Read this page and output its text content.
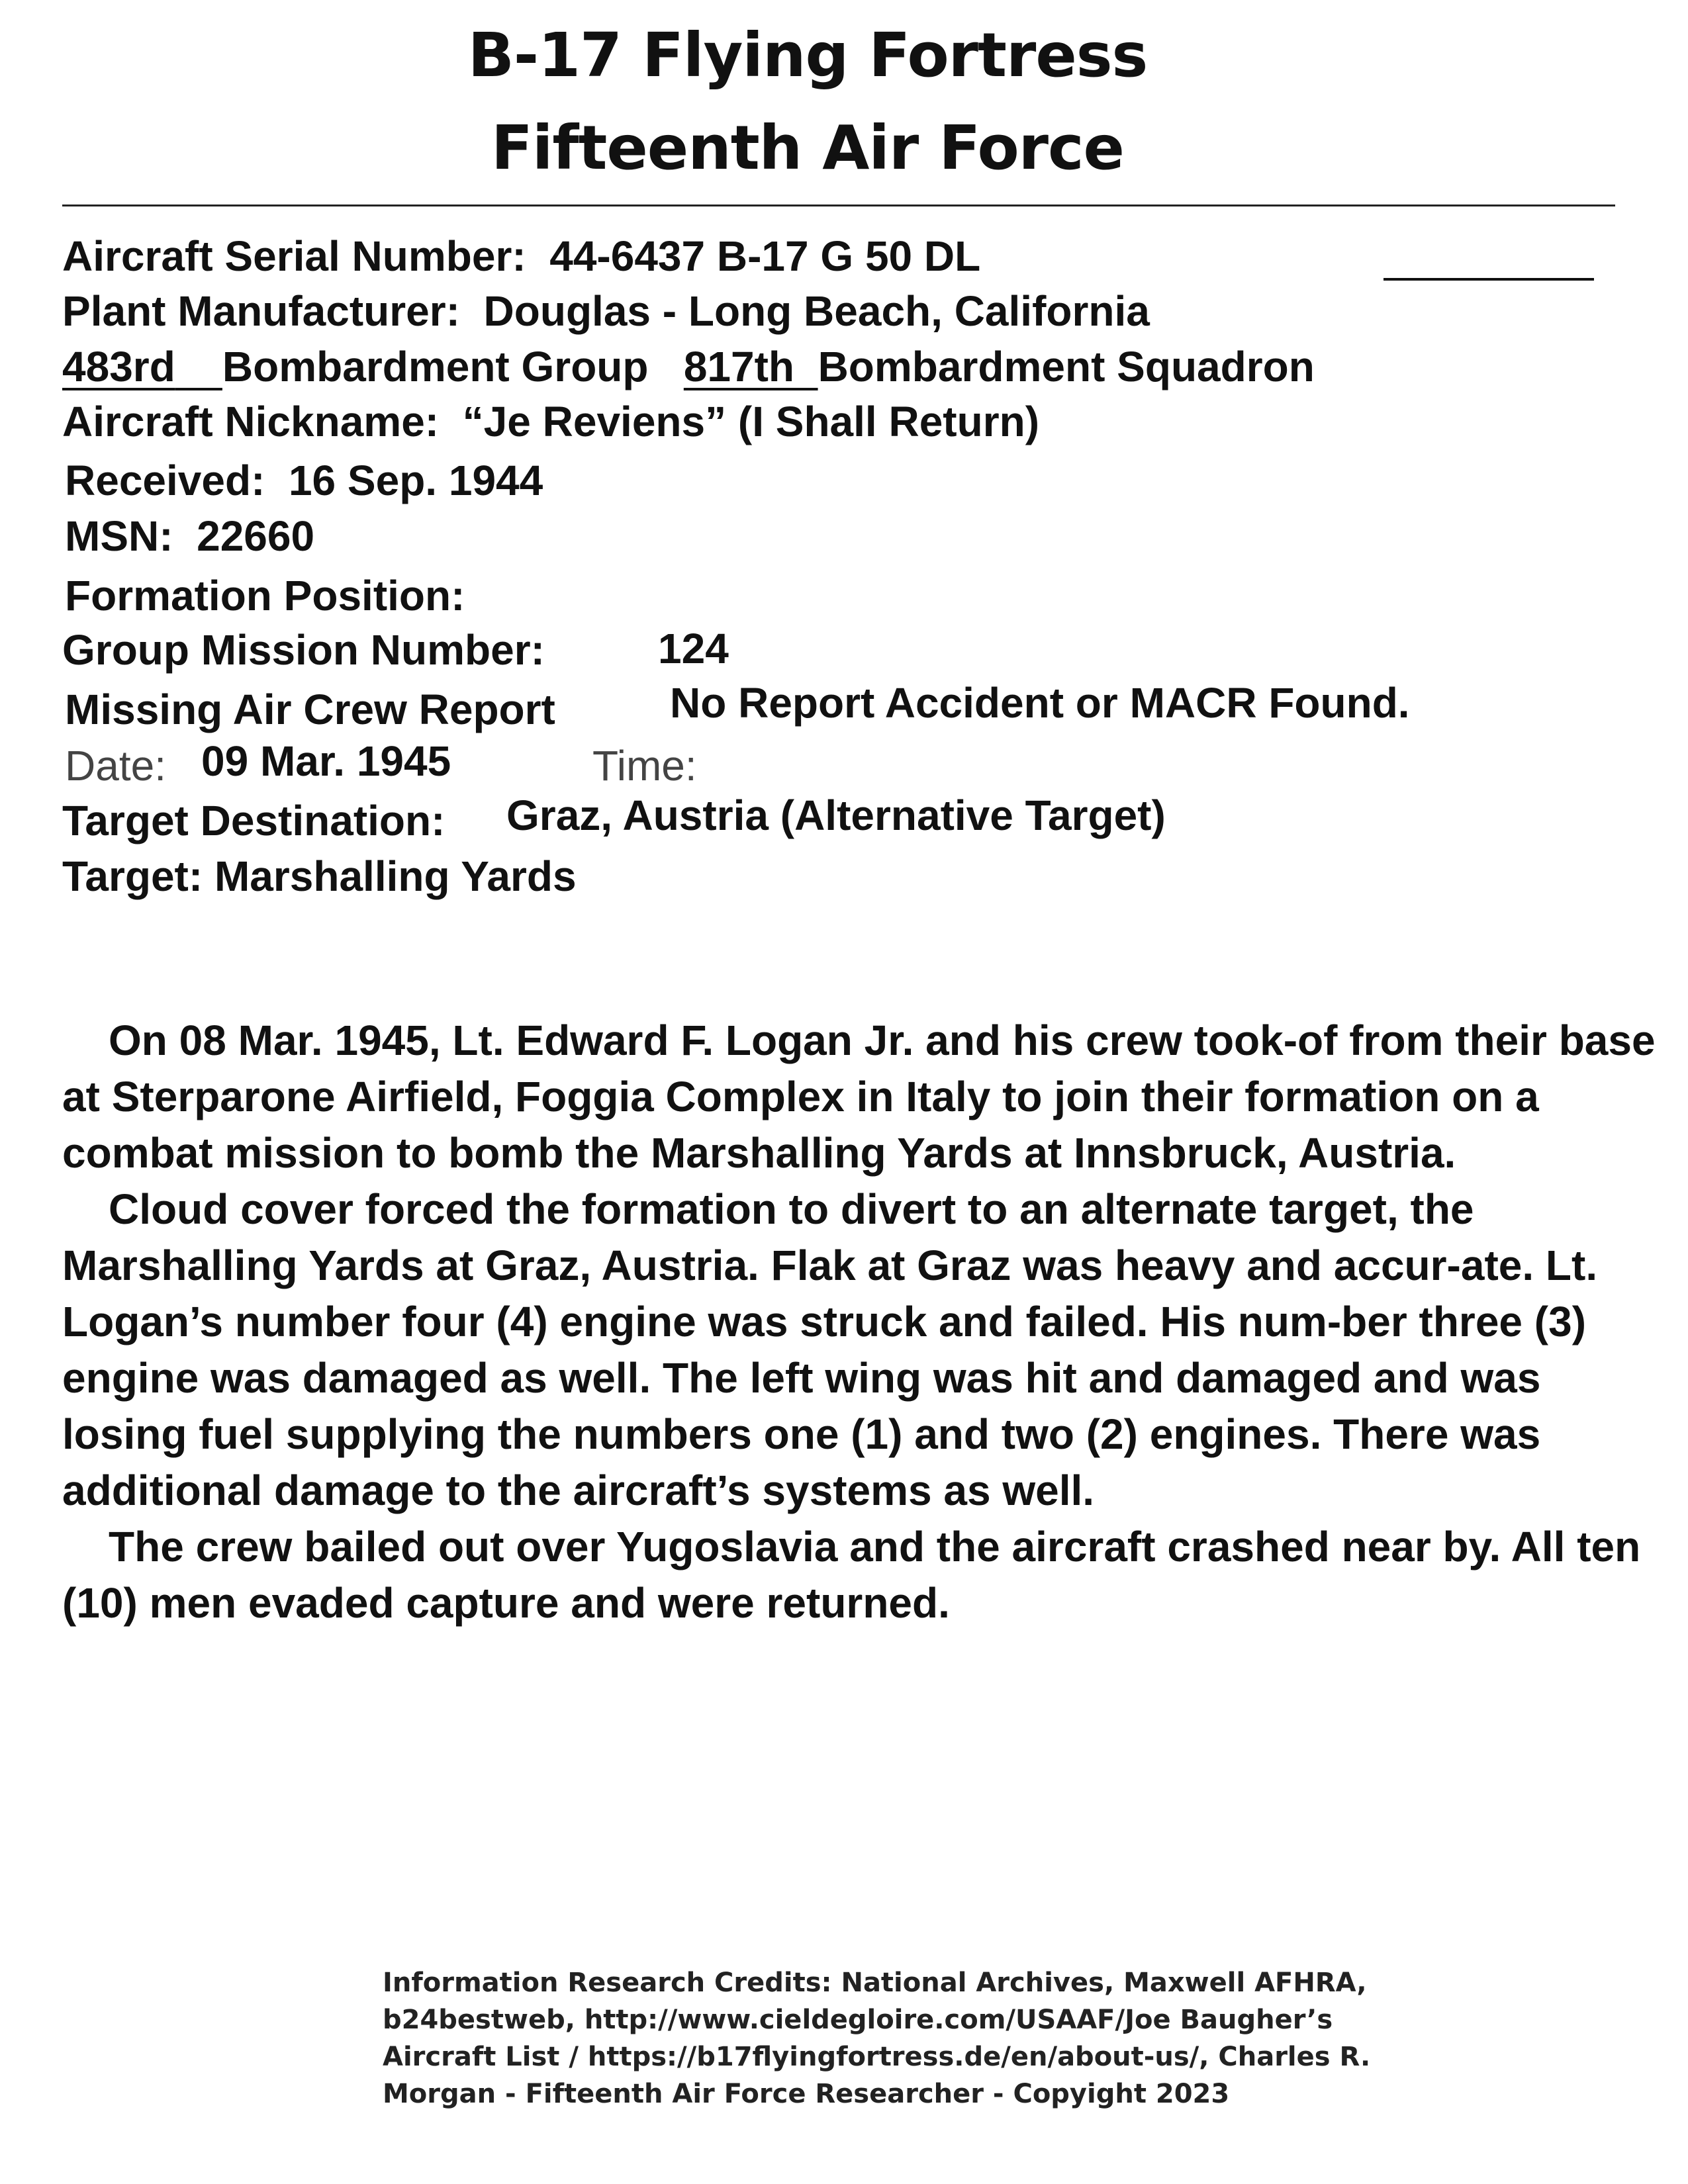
B-17 Flying Fortress
Fifteenth Air Force
Aircraft Serial Number: 44-6437 B-17 G 50 DL
Plant Manufacturer: Douglas - Long Beach, California
483rd Bombardment Group 817th Bombardment Squadron
Aircraft Nickname: “Je Reviens” (I Shall Return)
Received: 16 Sep. 1944
MSN: 22660
Formation Position:
Group Mission Number:	124
Missing Air Crew Report	No Report Accident or MACR Found.
Date: 09 Mar. 1945	Time:
Target Destination: Graz, Austria (Alternative Target)
Target: Marshalling Yards

On 08 Mar. 1945, Lt. Edward F. Logan Jr. and his crew took-of from their base at Sterparone Airfield, Foggia Complex in Italy to join their formation on a combat mission to bomb the Marshalling Yards at Innsbruck, Austria.

Cloud cover forced the formation to divert to an alternate target, the Marshalling Yards at Graz, Austria. Flak at Graz was heavy and accur-ate. Lt. Logan’s number four (4) engine was struck and failed. His num-ber three (3) engine was damaged as well. The left wing was hit and damaged and was losing fuel supplying the numbers one (1) and two (2) engines. There was additional damage to the aircraft’s systems as well.

The crew bailed out over Yugoslavia and the aircraft crashed near by. All ten (10) men evaded capture and were returned.

Information Research Credits: National Archives, Maxwell AFHRA,
b24bestweb, http://www.cieldegloire.com/USAAF/Joe Baugher’s
Aircraft List / https://b17flyingfortress.de/en/about-us/, Charles R.
Morgan - Fifteenth Air Force Researcher - Copyight 2023
